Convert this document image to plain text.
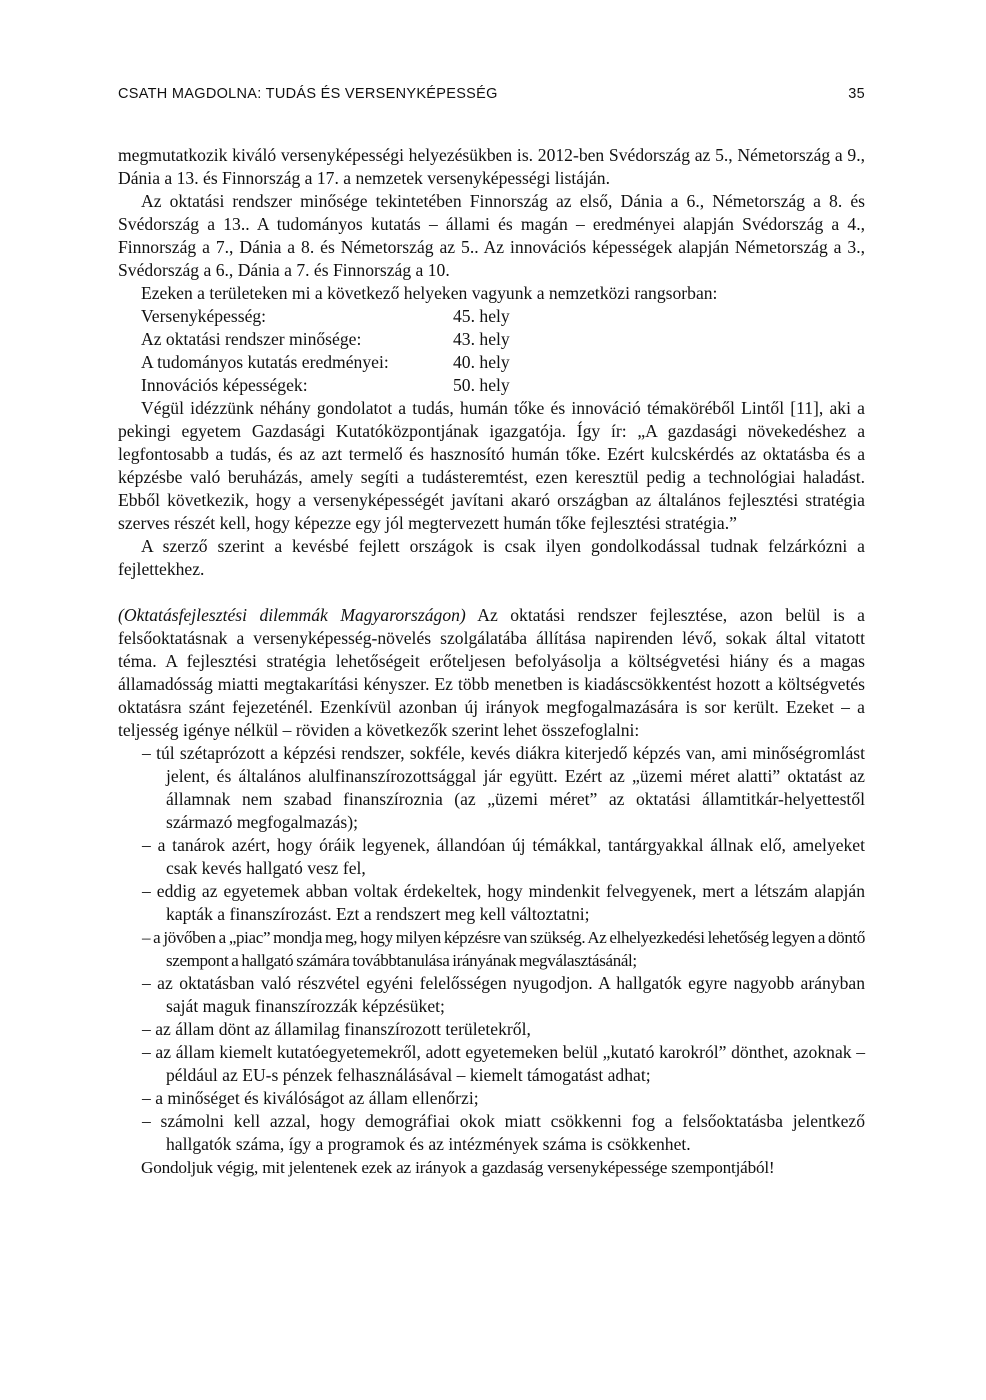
CSATH MAGDOLNA: TUDÁS ÉS VERSENYKÉPESSÉG	35

megmutatkozik kiváló versenyképességi helyezésükben is. 2012-ben Svédország az 5., Németország a 9., Dánia a 13. és Finnország a 17. a nemzetek versenyképességi listáján.

Az oktatási rendszer minősége tekintetében Finnország az első, Dánia a 6., Németország a 8. és Svédország a 13.. A tudományos kutatás – állami és magán – eredményei alapján Svédország a 4., Finnország a 7., Dánia a 8. és Németország az 5.. Az innovációs képességek alapján Németország a 3., Svédország a 6., Dánia a 7. és Finnország a 10.

Ezeken a területeken mi a következő helyeken vagyunk a nemzetközi rangsorban:

Versenyképesség:	45. hely
Az oktatási rendszer minősége:	43. hely
A tudományos kutatás eredményei:	40. hely
Innovációs képességek:	50. hely

Végül idézzünk néhány gondolatot a tudás, humán tőke és innováció témaköréből Lintől [11], aki a pekingi egyetem Gazdasági Kutatóközpontjának igazgatója. Így ír: „A gazdasági növekedéshez a legfontosabb a tudás, és az azt termelő és hasznosító humán tőke. Ezért kulcskérdés az oktatásba és a képzésbe való beruházás, amely segíti a tudásteremtést, ezen keresztül pedig a technológiai haladást. Ebből következik, hogy a versenyképességét javítani akaró országban az általános fejlesztési stratégia szerves részét kell, hogy képezze egy jól megtervezett humán tőke fejlesztési stratégia.”

A szerző szerint a kevésbé fejlett országok is csak ilyen gondolkodással tudnak felzárkózni a fejlettekhez.

(Oktatásfejlesztési dilemmák Magyarországon) Az oktatási rendszer fejlesztése, azon belül is a felsőoktatásnak a versenyképesség-növelés szolgálatába állítása napirenden lévő, sokak által vitatott téma. A fejlesztési stratégia lehetőségeit erőteljesen befolyásolja a költségvetési hiány és a magas államadósság miatti megtakarítási kényszer. Ez több menetben is kiadáscsökkentést hozott a költségvetés oktatásra szánt fejezeténél. Ezenkívül azonban új irányok megfogalmazására is sor került. Ezeket – a teljesség igénye nélkül – röviden a következők szerint lehet összefoglalni:

– túl szétaprózott a képzési rendszer, sokféle, kevés diákra kiterjedő képzés van, ami minőségromlást jelent, és általános alulfinanszírozottsággal jár együtt. Ezért az „üzemi méret alatti” oktatást az államnak nem szabad finanszíroznia (az „üzemi méret” az oktatási államtitkár-helyettestől származó megfogalmazás);
– a tanárok azért, hogy óráik legyenek, állandóan új témákkal, tantárgyakkal állnak elő, amelyeket csak kevés hallgató vesz fel,
– eddig az egyetemek abban voltak érdekeltek, hogy mindenkit felvegyenek, mert a létszám alapján kapták a finanszírozást. Ezt a rendszert meg kell változtatni;
– a jövőben a „piac” mondja meg, hogy milyen képzésre van szükség. Az elhelyezkedési lehetőség legyen a döntő szempont a hallgató számára továbbtanulása irányának megválasztásánál;
– az oktatásban való részvétel egyéni felelősségen nyugodjon. A hallgatók egyre nagyobb arányban saját maguk finanszírozzák képzésüket;
– az állam dönt az államilag finanszírozott területekről,
– az állam kiemelt kutatóegyetemekről, adott egyetemeken belül „kutató karokról” dönthet, azoknak – például az EU-s pénzek felhasználásával – kiemelt támogatást adhat;
– a minőséget és kiválóságot az állam ellenőrzi;
– számolni kell azzal, hogy demográfiai okok miatt csökkenni fog a felsőoktatásba jelentkező hallgatók száma, így a programok és az intézmények száma is csökkenhet.

Gondoljuk végig, mit jelentenek ezek az irányok a gazdaság versenyképessége szempontjából!
